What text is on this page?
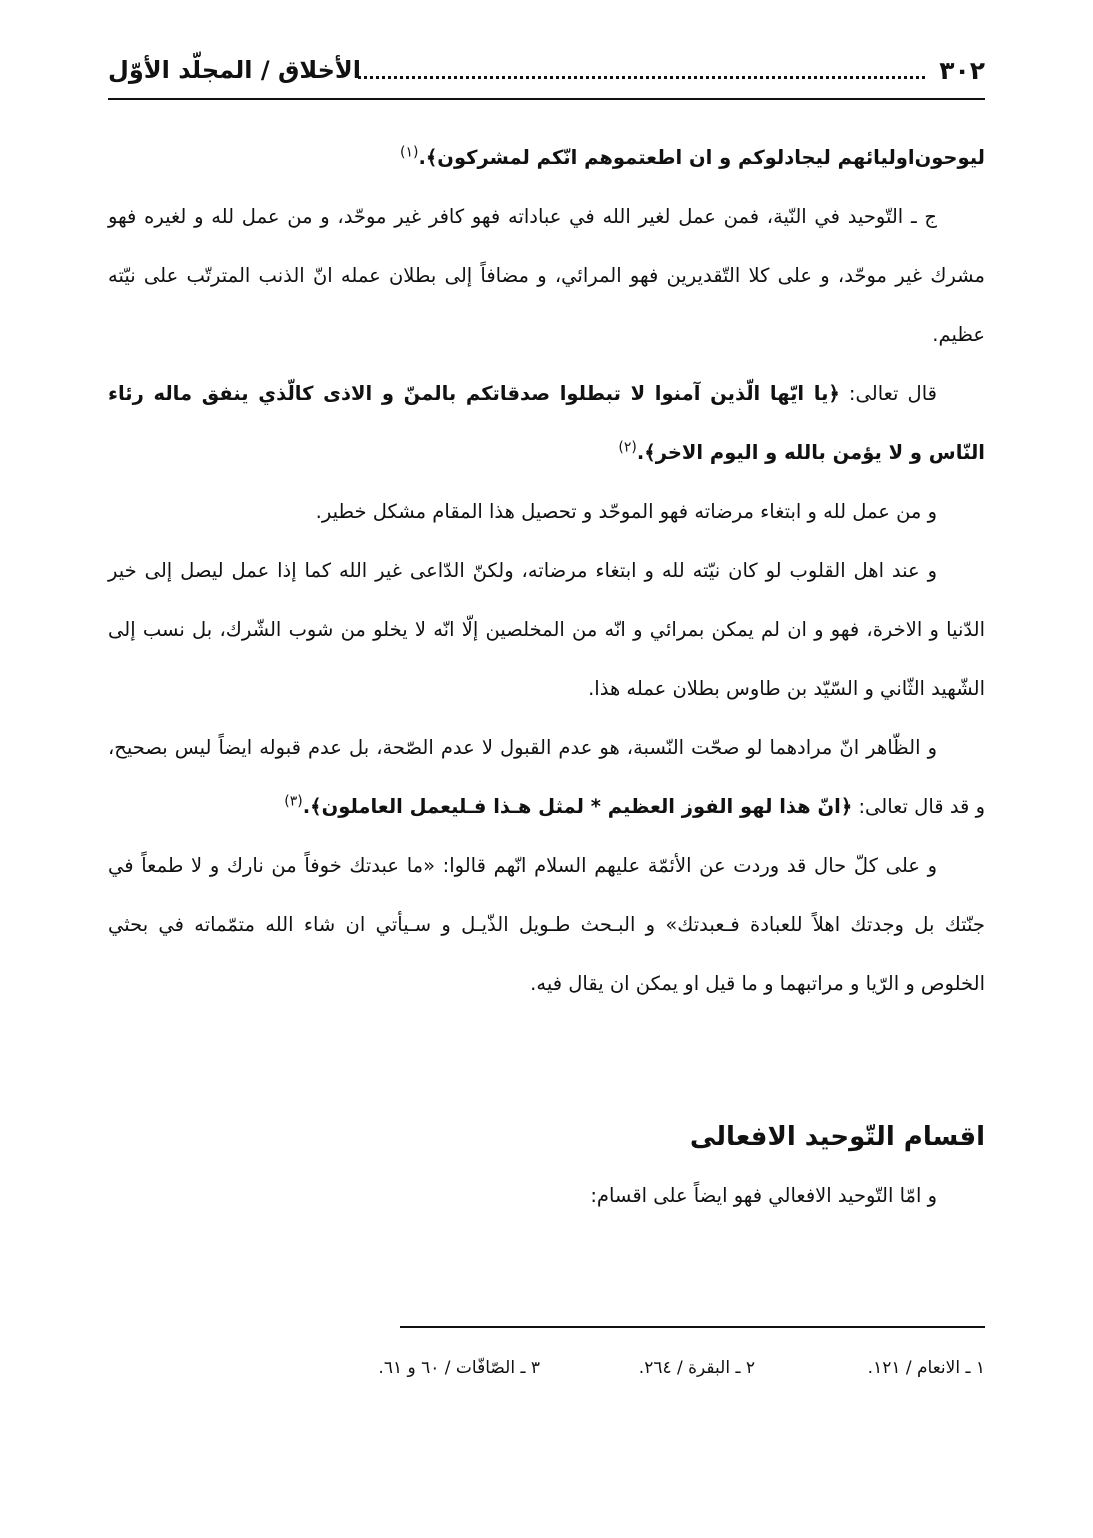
٣٠٢
الأخلاق / المجلّد الأوّل

ليوحون‌اوليائهم ليجادلوكم و ان اطعتموهم انّكم لمشركون﴾.$^{(١)}$

ج ـ التّوحيد في النّية، فمن عمل لغير الله في عباداته فهو كافر غير موحّد، و من عمل لله و لغيره فهو مشرك غير موحّد، و على كلا التّقديرين فهو المرائي، و مضافاً إلى بطلان عمله انّ الذنب المترتّب على نيّته عظيم.

قال تعالى: ﴿يا ايّها الّذين آمنوا لا تبطلوا صدقاتكم بالمنّ و الاذى كالّذي ينفق ماله رئاء النّاس و لا يؤمن بالله و اليوم الاخر﴾.$^{(٢)}$

و من عمل لله و ابتغاء مرضاته فهو الموحّد و تحصيل هذا المقام مشكل خطير.

و عند اهل القلوب لو كان نيّته لله و ابتغاء مرضاته، ولكنّ الدّاعى غير الله كما إذا عمل ليصل إلى خير الدّنيا و الاخرة، فهو و ان لم يمكن بمرائي و انّه من المخلصين إلّا انّه لا يخلو من شوب الشّرك، بل نسب إلى الشّهيد الثّاني و السّيّد بن طاوس بطلان عمله هذا.

و الظّاهر انّ مرادهما لو صحّت النّسبة، هو عدم القبول لا عدم الصّحة، بل عدم قبوله ايضاً ليس بصحيح، و قد قال تعالى: ﴿انّ هذا لهو الفوز العظيم * لمثل هـذا فـليعمل العاملون﴾.$^{(٣)}$

و على كلّ حال قد وردت عن الأئمّة عليهم السلام انّهم قالوا: «ما عبدتك خوفاً من نارك و لا طمعاً في جنّتك بل وجدتك اهلاً للعبادة فـعبدتك» و البـحث طـويل الذّيـل و سـيأتي ان شاء الله متمّماته في بحثي الخلوص و الرّيا و مراتبهما و ما قيل او يمكن ان يقال فيه.

اقسام التّوحيد الافعالى

و امّا التّوحيد الافعالي فهو ايضاً على اقسام:

١ ـ الانعام / ١٢١.
٢ ـ البقرة / ٢٦٤.
٣ ـ الصّافّات / ٦٠ و ٦١.
